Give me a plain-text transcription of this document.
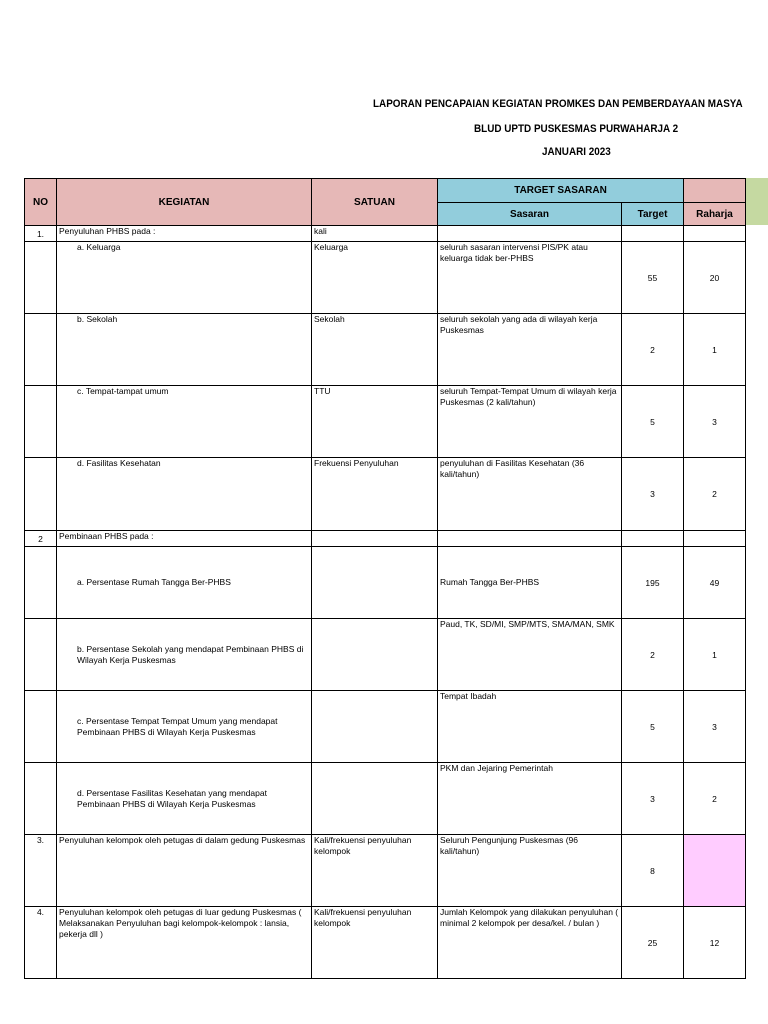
LAPORAN PENCAPAIAN KEGIATAN PROMKES DAN PEMBERDAYAAN MASYA
BLUD UPTD PUSKESMAS PURWAHARJA 2
JANUARI 2023
NO	KEGIATAN	SATUAN	TARGET SASARAN		
			Sasaran	Target	Raharja
1.	Penyuluhan PHBS pada :	kali			
	a. Keluarga	Keluarga	seluruh sasaran intervensi PIS/PK atau keluarga tidak ber-PHBS	55	20
	b. Sekolah	Sekolah	seluruh sekolah yang ada di wilayah kerja Puskesmas	2	1
	c. Tempat-tampat umum	TTU	seluruh Tempat-Tempat Umum di wilayah kerja Puskesmas (2 kali/tahun)	5	3
	d. Fasilitas Kesehatan	Frekuensi Penyuluhan	penyuluhan di Fasilitas Kesehatan (36 kali/tahun)	3	2
2	Pembinaan PHBS pada :				
	a. Persentase Rumah Tangga Ber-PHBS		Rumah Tangga Ber-PHBS	195	49
	b. Persentase Sekolah yang mendapat Pembinaan PHBS di Wilayah Kerja Puskesmas		Paud, TK, SD/MI, SMP/MTS, SMA/MAN, SMK	2	1
	c. Persentase Tempat Tempat Umum yang mendapat Pembinaan PHBS di Wilayah Kerja Puskesmas		Tempat Ibadah	5	3
	d. Persentase Fasilitas Kesehatan yang mendapat Pembinaan PHBS di Wilayah Kerja Puskesmas		PKM dan Jejaring Pemerintah	3	2
3.	Penyuluhan kelompok oleh petugas di dalam gedung Puskesmas	Kali/frekuensi penyuluhan kelompok	Seluruh Pengunjung Puskesmas (96 kali/tahun)	8	
4.	Penyuluhan kelompok oleh petugas di luar gedung Puskesmas ( Melaksanakan Penyuluhan bagi kelompok-kelompok : lansia, pekerja dll )	Kali/frekuensi penyuluhan kelompok	Jumlah Kelompok yang dilakukan penyuluhan ( minimal 2 kelompok per desa/kel. / bulan )	25	12
